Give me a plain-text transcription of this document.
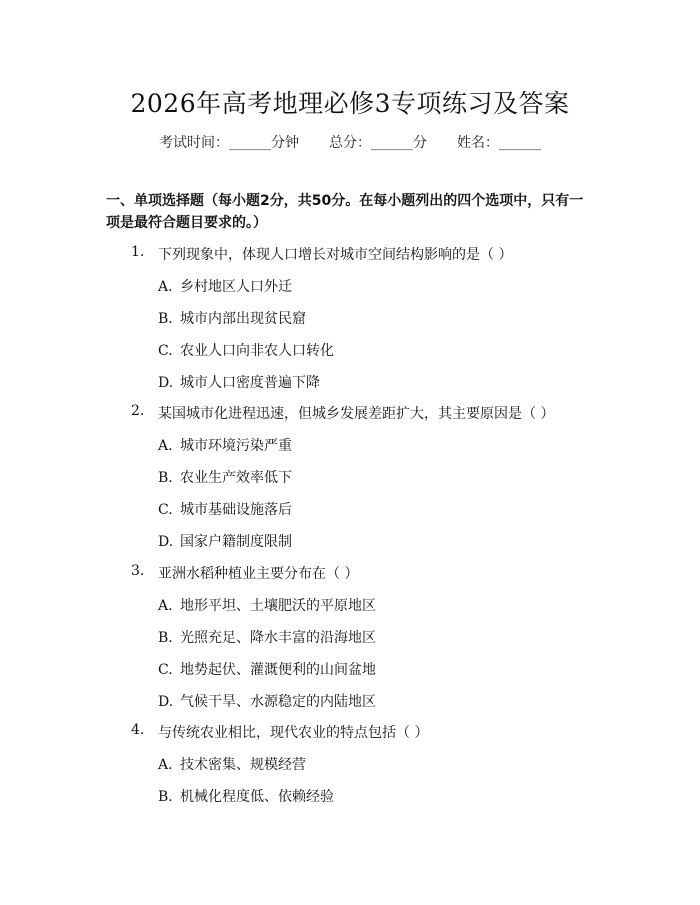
2026年高考地理必修3专项练习及答案
考试时间：______分钟 总分：______分 姓名：______
一、单项选择题（每小题2分，共50分。在每小题列出的四个选项中，只有一项是最符合题目要求的。）
1. 下列现象中，体现人口增长对城市空间结构影响的是（ ）
A. 乡村地区人口外迁
B. 城市内部出现贫民窟
C. 农业人口向非农人口转化
D. 城市人口密度普遍下降
2. 某国城市化进程迅速，但城乡发展差距扩大，其主要原因是（ ）
A. 城市环境污染严重
B. 农业生产效率低下
C. 城市基础设施落后
D. 国家户籍制度限制
3. 亚洲水稻种植业主要分布在（ ）
A. 地形平坦、土壤肥沃的平原地区
B. 光照充足、降水丰富的沿海地区
C. 地势起伏、灌溉便利的山间盆地
D. 气候干旱、水源稳定的内陆地区
4. 与传统农业相比，现代农业的特点包括（ ）
A. 技术密集、规模经营
B. 机械化程度低、依赖经验
